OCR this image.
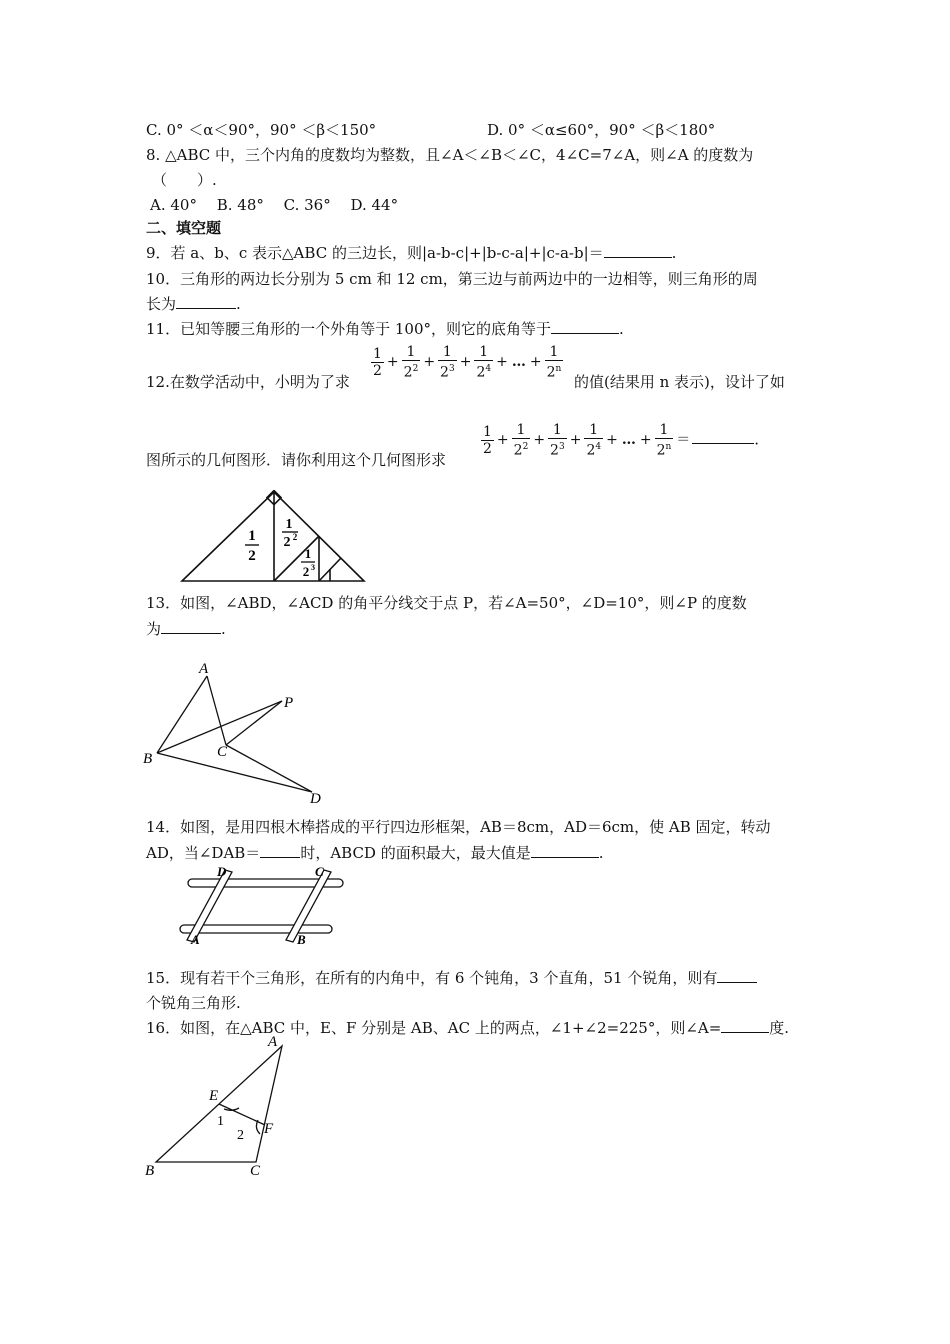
C. 0° ＜α＜90°，90° ＜β＜150°	D. 0° ＜α≤60°，90° ＜β＜180°
8. △ABC 中，三个内角的度数均为整数，且∠A＜∠B＜∠C，4∠C=7∠A，则∠A 的度数为
（　　）.
A. 40°　 B. 48°　 C. 36°　 D. 44°
二、填空题
9．若 a、b、c 表示△ABC 的三边长，则|a-b-c|+|b-c-a|+|c-a-b|＝	.
10．三角形的两边长分别为 5 cm 和 12 cm，第三边与前两边中的一边相等，则三角形的周
长为	.
11．已知等腰三角形的一个外角等于 100°，则它的底角等于	.
12.在数学活动中，小明为了求
$\frac{1}{2} + \frac{1}{2^2} + \frac{1}{2^3} + \frac{1}{2^4}$ + … + $\frac{1}{2^n}$
的值(结果用 n 表示)，设计了如
图所示的几何图形．请你利用这个几何图形求
$\frac{1}{2} + \frac{1}{2^2} + \frac{1}{2^3} + \frac{1}{2^4}$ + … + $\frac{1}{2^n}$ ＝	.
1
2
1
2 2
1
2 3
13．如图，∠ABD，∠ACD 的角平分线交于点 P，若∠A=50°，∠D=10°，则∠P 的度数
为	.
A
B	C
D
P
14．如图，是用四根木棒搭成的平行四边形框架，AB＝8cm，AD＝6cm，使 AB 固定，转动
AD，当∠DAB＝	时，ABCD 的面积最大，最大值是	.
D	C
A	B
15．现有若干个三角形，在所有的内角中，有 6 个钝角，3 个直角，51 个锐角，则有
个锐角三角形.
16．如图，在△ABC 中，E、F 分别是 AB、AC 上的两点，∠1+∠2=225°，则∠A=	度.
A
B	C
E
F
1
2
